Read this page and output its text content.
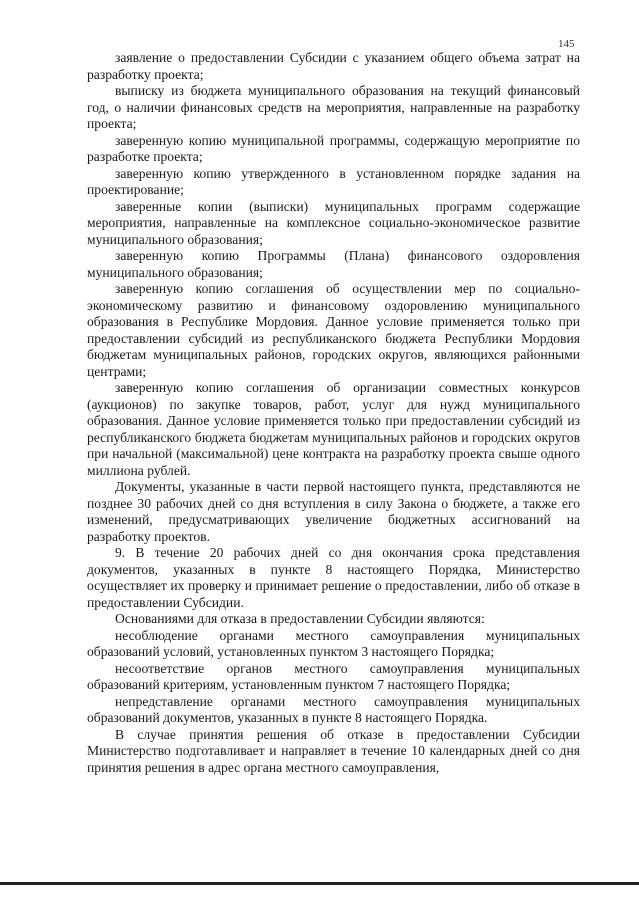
145

заявление о предоставлении Субсидии с указанием общего объема затрат на разработку проекта;

выписку из бюджета муниципального образования на текущий финансовый год, о наличии финансовых средств на мероприятия, направленные на разработку проекта;

заверенную копию муниципальной программы, содержащую мероприятие по разработке проекта;

заверенную копию утвержденного в установленном порядке задания на проектирование;

заверенные копии (выписки) муниципальных программ содержащие мероприятия, направленные на комплексное социально-экономическое развитие муниципального образования;

заверенную копию Программы (Плана) финансового оздоровления муниципального образования;

заверенную копию соглашения об осуществлении мер по социально-экономическому развитию и финансовому оздоровлению муниципального образования в Республике Мордовия. Данное условие применяется только при предоставлении субсидий из республиканского бюджета Республики Мордовия бюджетам муниципальных районов, городских округов, являющихся районными центрами;

заверенную копию соглашения об организации совместных конкурсов (аукционов) по закупке товаров, работ, услуг для нужд муниципального образования. Данное условие применяется только при предоставлении субсидий из республиканского бюджета бюджетам муниципальных районов и городских округов при начальной (максимальной) цене контракта на разработку проекта свыше одного миллиона рублей.

Документы, указанные в части первой настоящего пункта, представляются не позднее 30 рабочих дней со дня вступления в силу Закона о бюджете, а также его изменений, предусматривающих увеличение бюджетных ассигнований на разработку проектов.

9. В течение 20 рабочих дней со дня окончания срока представления документов, указанных в пункте 8 настоящего Порядка, Министерство осуществляет их проверку и принимает решение о предоставлении, либо об отказе в предоставлении Субсидии.

Основаниями для отказа в предоставлении Субсидии являются:

несоблюдение органами местного самоуправления муниципальных образований условий, установленных пунктом 3 настоящего Порядка;

несоответствие органов местного самоуправления муниципальных образований критериям, установленным пунктом 7 настоящего Порядка;

непредставление органами местного самоуправления муниципальных образований документов, указанных в пункте 8 настоящего Порядка.

В случае принятия решения об отказе в предоставлении Субсидии Министерство подготавливает и направляет в течение 10 календарных дней со дня принятия решения в адрес органа местного самоуправления,
